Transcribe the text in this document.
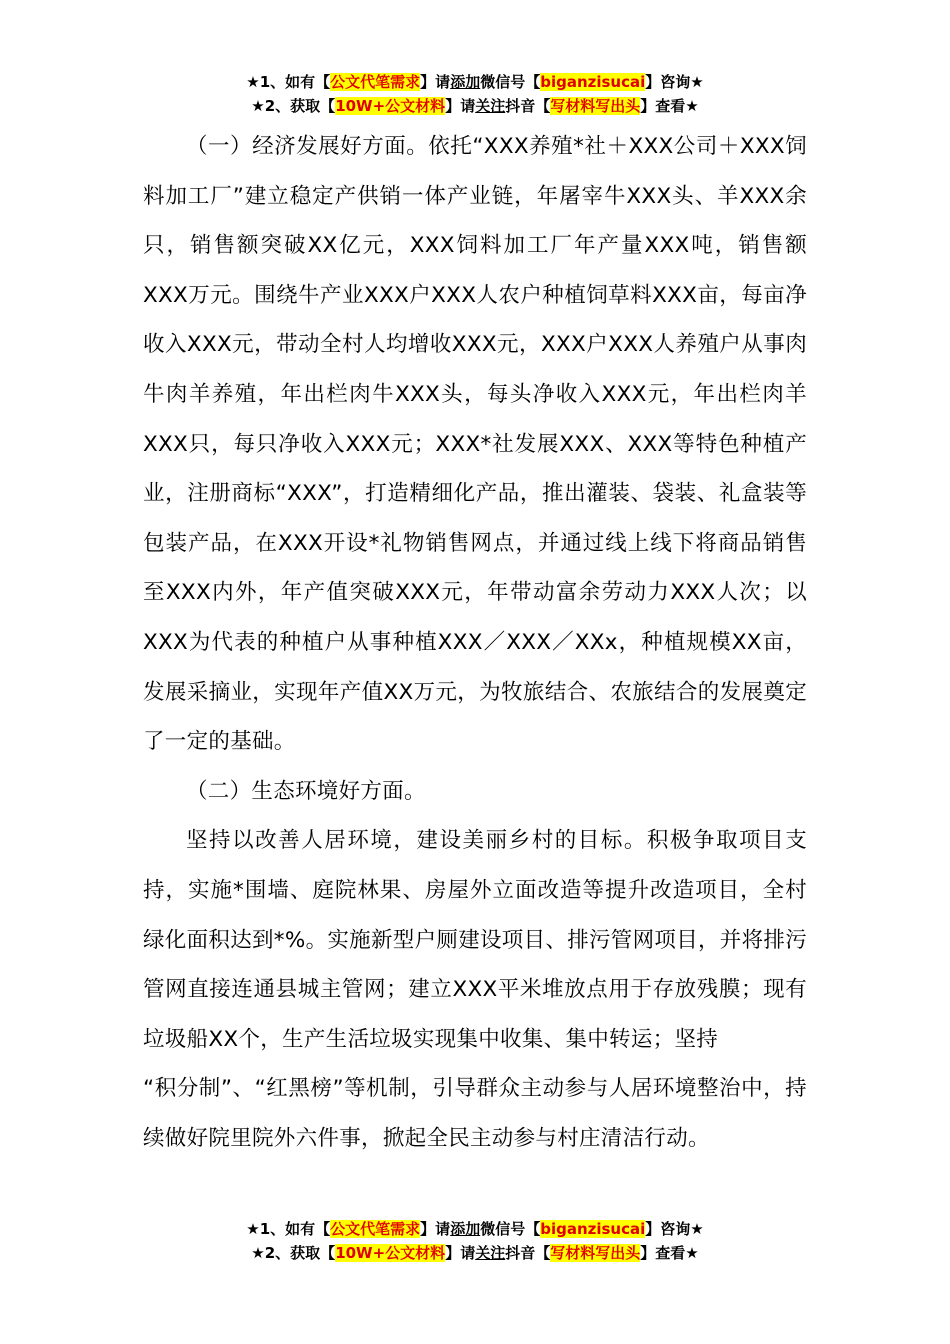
★1、如有【公文代笔需求】请添加微信号【biganzisucai】咨询★
★2、获取【10W+公文材料】请关注抖音【写材料写出头】查看★

（一）经济发展好方面。依托“XXX养殖*社＋XXX公司＋XXX饲料加工厂”建立稳定产供销一体产业链，年屠宰牛XXX头、羊XXX余只，销售额突破XX亿元，XXX饲料加工厂年产量XXX吨，销售额XXX万元。围绕牛产业XXX户XXX人农户种植饲草料XXX亩，每亩净收入XXX元，带动全村人均增收XXX元，XXX户XXX人养殖户从事肉牛肉羊养殖，年出栏肉牛XXX头，每头净收入XXX元，年出栏肉羊XXX只，每只净收入XXX元；XXX*社发展XXX、XXX等特色种植产业，注册商标“XXX”，打造精细化产品，推出灌装、袋装、礼盒装等包装产品，在XXX开设*礼物销售网点，并通过线上线下将商品销售至XXX内外，年产值突破XXX元，年带动富余劳动力XXX人次；以XXX为代表的种植户从事种植XXX／XXX／XXx，种植规模XX亩，发展采摘业，实现年产值XX万元，为牧旅结合、农旅结合的发展奠定了一定的基础。

（二）生态环境好方面。

坚持以改善人居环境，建设美丽乡村的目标。积极争取项目支持，实施*围墙、庭院林果、房屋外立面改造等提升改造项目，全村绿化面积达到*%。实施新型户厕建设项目、排污管网项目，并将排污管网直接连通县城主管网；建立XXX平米堆放点用于存放残膜；现有垃圾船XX个，生产生活垃圾实现集中收集、集中转运；坚持

“积分制”、“红黑榜”等机制，引导群众主动参与人居环境整治中，持续做好院里院外六件事，掀起全民主动参与村庄清洁行动。

★1、如有【公文代笔需求】请添加微信号【biganzisucai】咨询★
★2、获取【10W+公文材料】请关注抖音【写材料写出头】查看★
